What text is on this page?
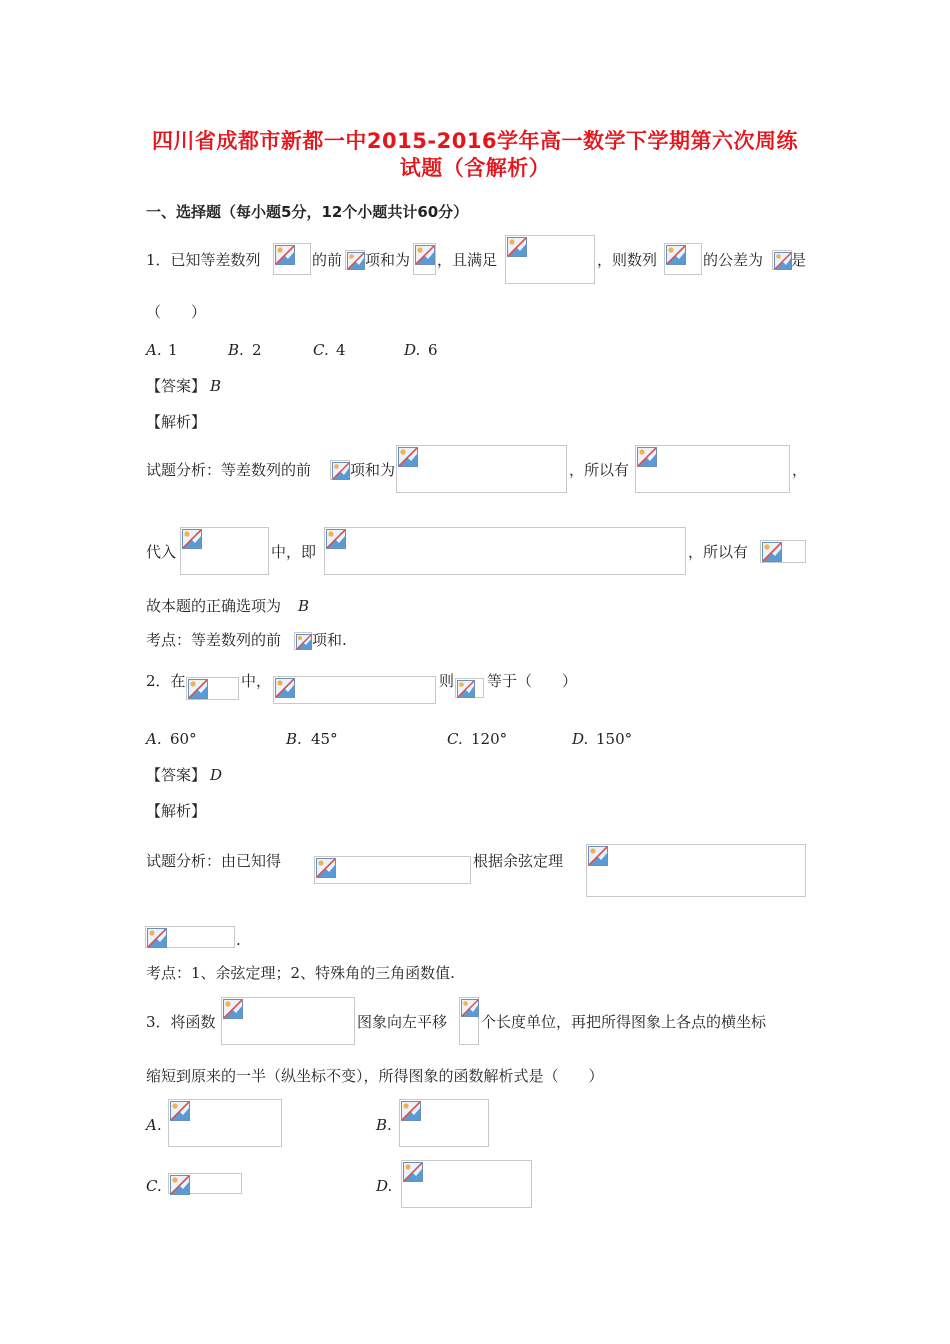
四川省成都市新都一中2015-2016学年高一数学下学期第六次周练
试题（含解析）
一、选择题（每小题5分，12个小题共计60分）
1．已知等差数列	的前 项和为 ，且满足	，则数列	的公差为 是
（　　）
A. 1	B. 2	C. 4	D. 6
【答案】 B
【解析】
试题分析：等差数列的前	项和为	，所以有	，
代入	中，即	，所以有
故本题的正确选项为 B
考点：等差数列的前 项和.
2．在	中，	则 等于（　　）
A. 60°	B. 45°	C. 120°	D. 150°
【答案】 D
【解析】
试题分析：由已知得	根据余弦定理
.
考点：1、余弦定理；2、特殊角的三角函数值.
3．将函数	图象向左平移 个长度单位，再把所得图象上各点的横坐标
缩短到原来的一半（纵坐标不变），所得图象的函数解析式是（　　）
A.	B.
C.	D.
